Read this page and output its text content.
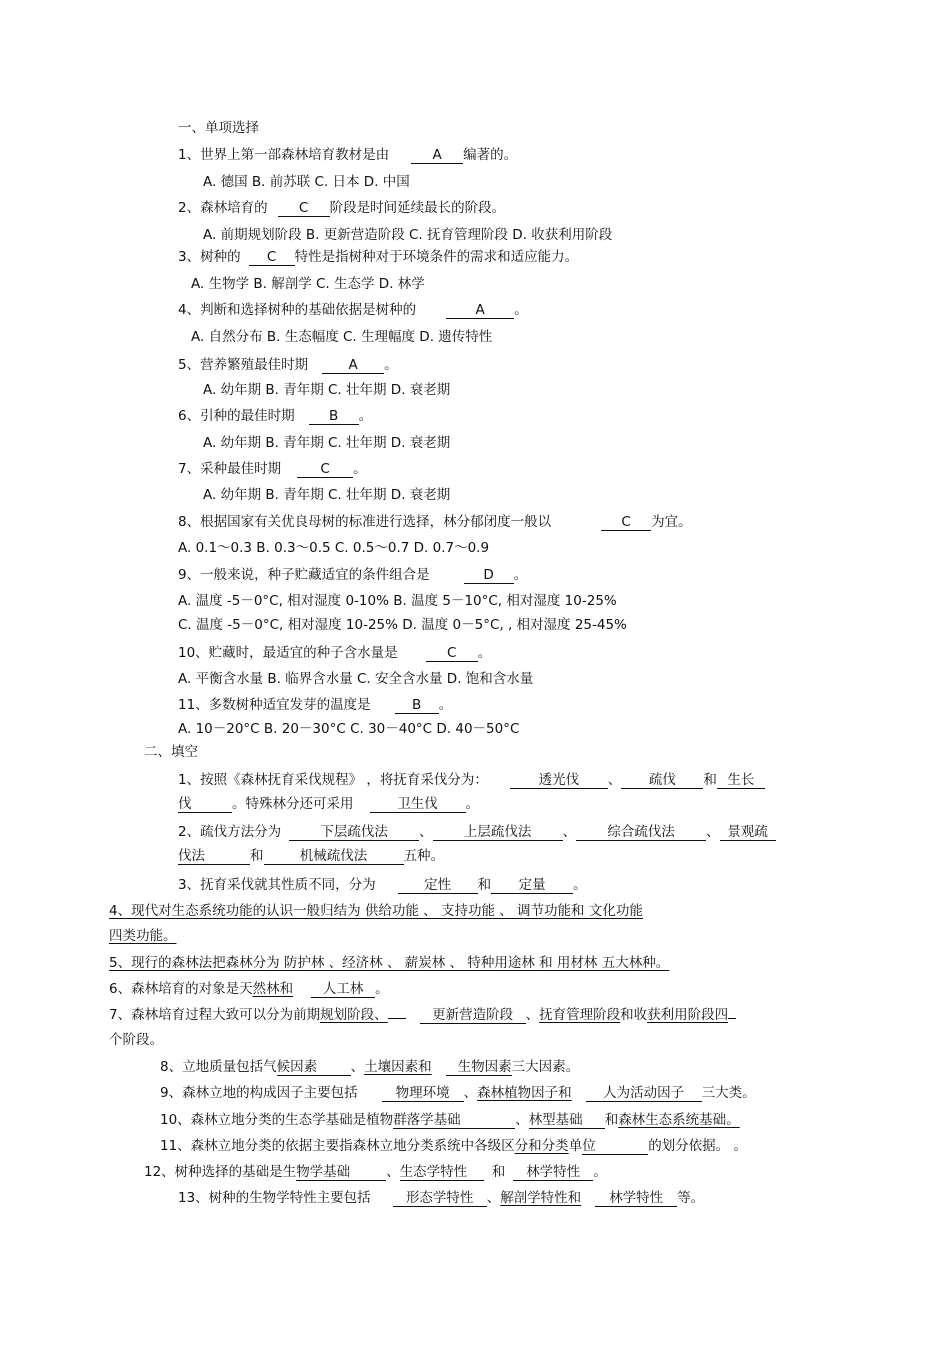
一、单项选择
1、世界上第一部森林培育教材是由	A 编著的。
A. 德国 B. 前苏联 C. 日本 D. 中国
2、森林培育的 C 阶段是时间延续最长的阶段。
A. 前期规划阶段 B. 更新营造阶段 C. 抚育管理阶段 D. 收获利用阶段
3、树种的 C 特性是指树种对于环境条件的需求和适应能力。
A. 生物学 B. 解剖学 C. 生态学 D. 林学
4、判断和选择树种的基础依据是树种的	A 。
A. 自然分布 B. 生态幅度 C. 生理幅度 D. 遗传特性
5、营养繁殖最佳时期	A 。
A. 幼年期 B. 青年期 C. 壮年期 D. 衰老期
6、引种的最佳时期	B 。
A. 幼年期 B. 青年期 C. 壮年期 D. 衰老期
7、采种最佳时期	C 。
A. 幼年期 B. 青年期 C. 壮年期 D. 衰老期
8、根据国家有关优良母树的标准进行选择，林分郁闭度一般以	C 为宜。
A. 0.1～0.3 B. 0.3～0.5 C. 0.5～0.7 D. 0.7～0.9
9、一般来说，种子贮藏适宜的条件组合是	D 。
A. 温度 -5－0°C, 相对湿度 0-10% B. 温度 5－10°C, 相对湿度 10-25%
C. 温度 -5－0°C, 相对湿度 10-25% D. 温度 0－5°C, , 相对湿度 25-45%
10、贮藏时，最适宜的种子含水量是	C 。
A. 平衡含水量 B. 临界含水量 C. 安全含水量 D. 饱和含水量
11、多数树种适宜发芽的温度是	B 。
A. 10－20°C B. 20－30°C C. 30－40°C D. 40－50°C
二、填空
1、按照《森林抚育采伐规程》 ，将抚育采伐分为：	透光伐 、 疏伐 和 生长
伐	。特殊林分还可采用	卫生伐 。
2、疏伐方法分为	下层疏伐法 、 上层疏伐法 、 综合疏伐法 、 景观疏
伐法	和	机械疏伐法	五种。
3、抚育采伐就其性质不同，分为	定性 和 定量 。
4、现代对生态系统功能的认识一般归结为 供给功能 、 支持功能 、 调节功能和 文化功能
四类功能。
5、现行的森林法把森林分为 防护林 、经济林 、 薪炭林 、 特种用途林 和 用材林 五大林种。
6、森林培育的对象是天然林和 人工林 。
7、森林培育过程大致可以分为前期规划阶段、	更新营造阶段 、抚育管理阶段和收获利用阶段四
个阶段。
8、立地质量包括气候因素 、土壤因素和 生物因素三大因素。
9、森林立地的构成因子主要包括	物理环境 、森林植物因子和 人为活动因子 三大类。
10、森林立地分类的生态学基础是植物群落学基础	、林型基础 和森林生态系统基础。
11、森林立地分类的依据主要指森林立地分类系统中各级区分和分类单位	的划分依据。 。
12、树种选择的基础是生物学基础	、生态学特性 和 林学特性 。
13、树种的生物学特性主要包括	形态学特性 、解剖学特性和 林学特性 等。
